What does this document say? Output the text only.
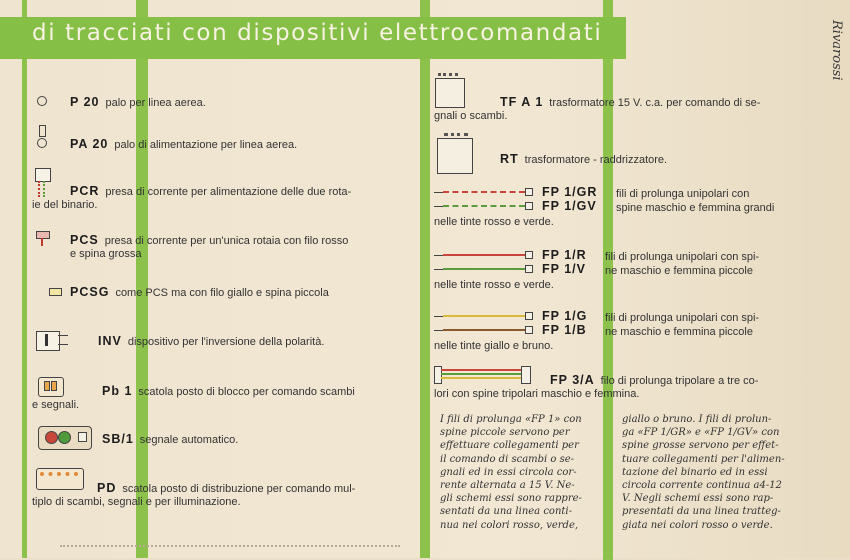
di tracciati con dispositivi elettrocomandati	Rivarossi
P 20 palo per linea aerea.
PA 20 palo di alimentazione per linea aerea.
PCR presa di corrente per alimentazione delle due rota-
ie del binario.
PCS presa di corrente per un'unica rotaia con filo rosso
e spina grossa
PCSG come PCS ma con filo giallo e spina piccola
INV dispositivo per l'inversione della polarità.
Pb 1 scatola posto di blocco per comando scambi
e segnali.
SB/1 segnale automatico.
PD scatola posto di distribuzione per comando mul-
tiplo di scambi, segnali e per illuminazione.
TF A 1 trasformatore 15 V. c.a. per comando di se-
gnali o scambi.
RT trasformatore - raddrizzatore.
FP 1/GR
FP 1/GV
fili di prolunga unipolari con
spine maschio e femmina grandi
nelle tinte rosso e verde.
FP 1/R
FP 1/V
fili di prolunga unipolari con spi-
ne maschio e femmina piccole
nelle tinte rosso e verde.
FP 1/G
FP 1/B
fili di prolunga unipolari con spi-
ne maschio e femmina piccole
nelle tinte giallo e bruno.
FP 3/A filo di prolunga tripolare a tre co-
lori con spine tripolari maschio e femmina.
I fili di prolunga «FP 1» con
spine piccole servono per
effettuare collegamenti per
il comando di scambi o se-
gnali ed in essi circola cor-
rente alternata a 15 V. Ne-
gli schemi essi sono rappre-
sentati da una linea conti-
nua nei colori rosso, verde,
giallo o bruno. I fili di prolun-
ga «FP 1/GR» e «FP 1/GV» con
spine grosse servono per effet-
tuare collegamenti per l'alimen-
tazione del binario ed in essi
circola corrente continua a4-12
V. Negli schemi essi sono rap-
presentati da una linea tratteg-
giata nei colori rosso o verde.
